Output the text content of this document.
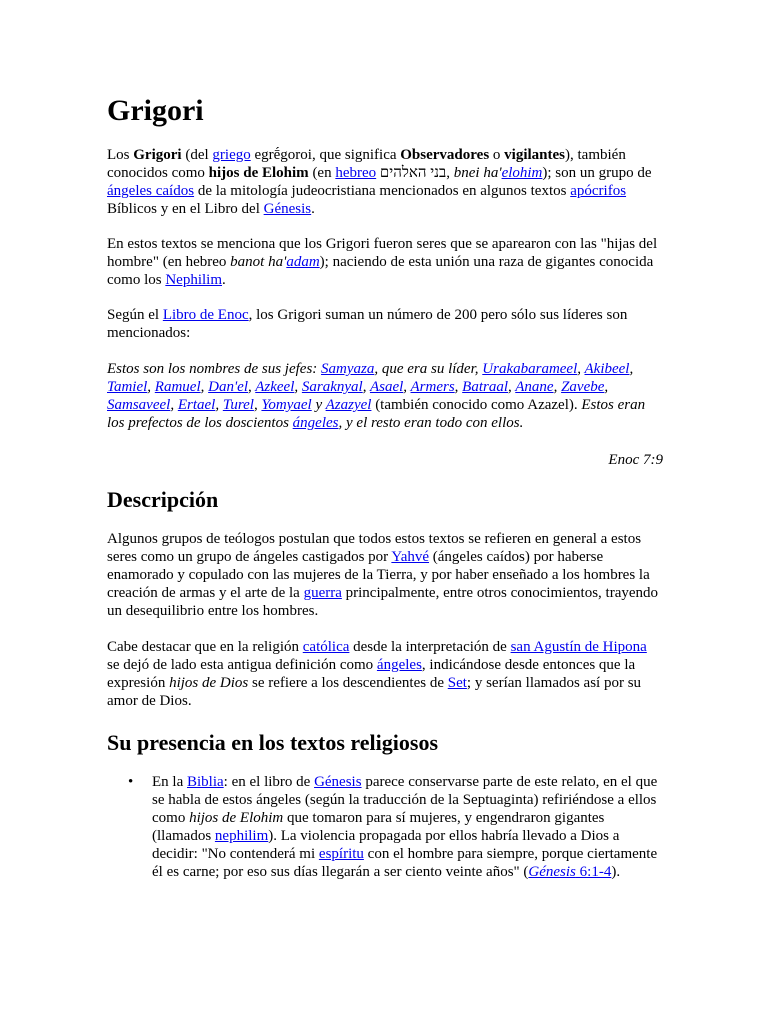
Grigori

Los Grigori (del griego egrḗgoroi, que significa Observadores o vigilantes), también conocidos como hijos de Elohim (en hebreo בני האלהים, bnei ha'elohim); son un grupo de ángeles caídos de la mitología judeocristiana mencionados en algunos textos apócrifos Bíblicos y en el Libro del Génesis.

En estos textos se menciona que los Grigori fueron seres que se aparearon con las "hijas del hombre" (en hebreo banot ha'adam); naciendo de esta unión una raza de gigantes conocida como los Nephilim.

Según el Libro de Enoc, los Grigori suman un número de 200 pero sólo sus líderes son mencionados:

Estos son los nombres de sus jefes: Samyaza, que era su líder, Urakabarameel, Akibeel, Tamiel, Ramuel, Dan'el, Azkeel, Saraknyal, Asael, Armers, Batraal, Anane, Zavebe, Samsaveel, Ertael, Turel, Yomyael y Azazyel (también conocido como Azazel). Estos eran los prefectos de los doscientos ángeles, y el resto eran todo con ellos.

Enoc 7:9

Descripción

Algunos grupos de teólogos postulan que todos estos textos se refieren en general a estos seres como un grupo de ángeles castigados por Yahvé (ángeles caídos) por haberse enamorado y copulado con las mujeres de la Tierra, y por haber enseñado a los hombres la creación de armas y el arte de la guerra principalmente, entre otros conocimientos, trayendo un desequilibrio entre los hombres.

Cabe destacar que en la religión católica desde la interpretación de san Agustín de Hipona se dejó de lado esta antigua definición como ángeles, indicándose desde entonces que la expresión hijos de Dios se refiere a los descendientes de Set; y serían llamados así por su amor de Dios.

Su presencia en los textos religiosos
• En la Biblia: en el libro de Génesis parece conservarse parte de este relato, en el que se habla de estos ángeles (según la traducción de la Septuaginta) refiriéndose a ellos como hijos de Elohim que tomaron para sí mujeres, y engendraron gigantes (llamados nephilim). La violencia propagada por ellos habría llevado a Dios a decidir: "No contenderá mi espíritu con el hombre para siempre, porque ciertamente él es carne; por eso sus días llegarán a ser ciento veinte años" (Génesis 6:1-4).
